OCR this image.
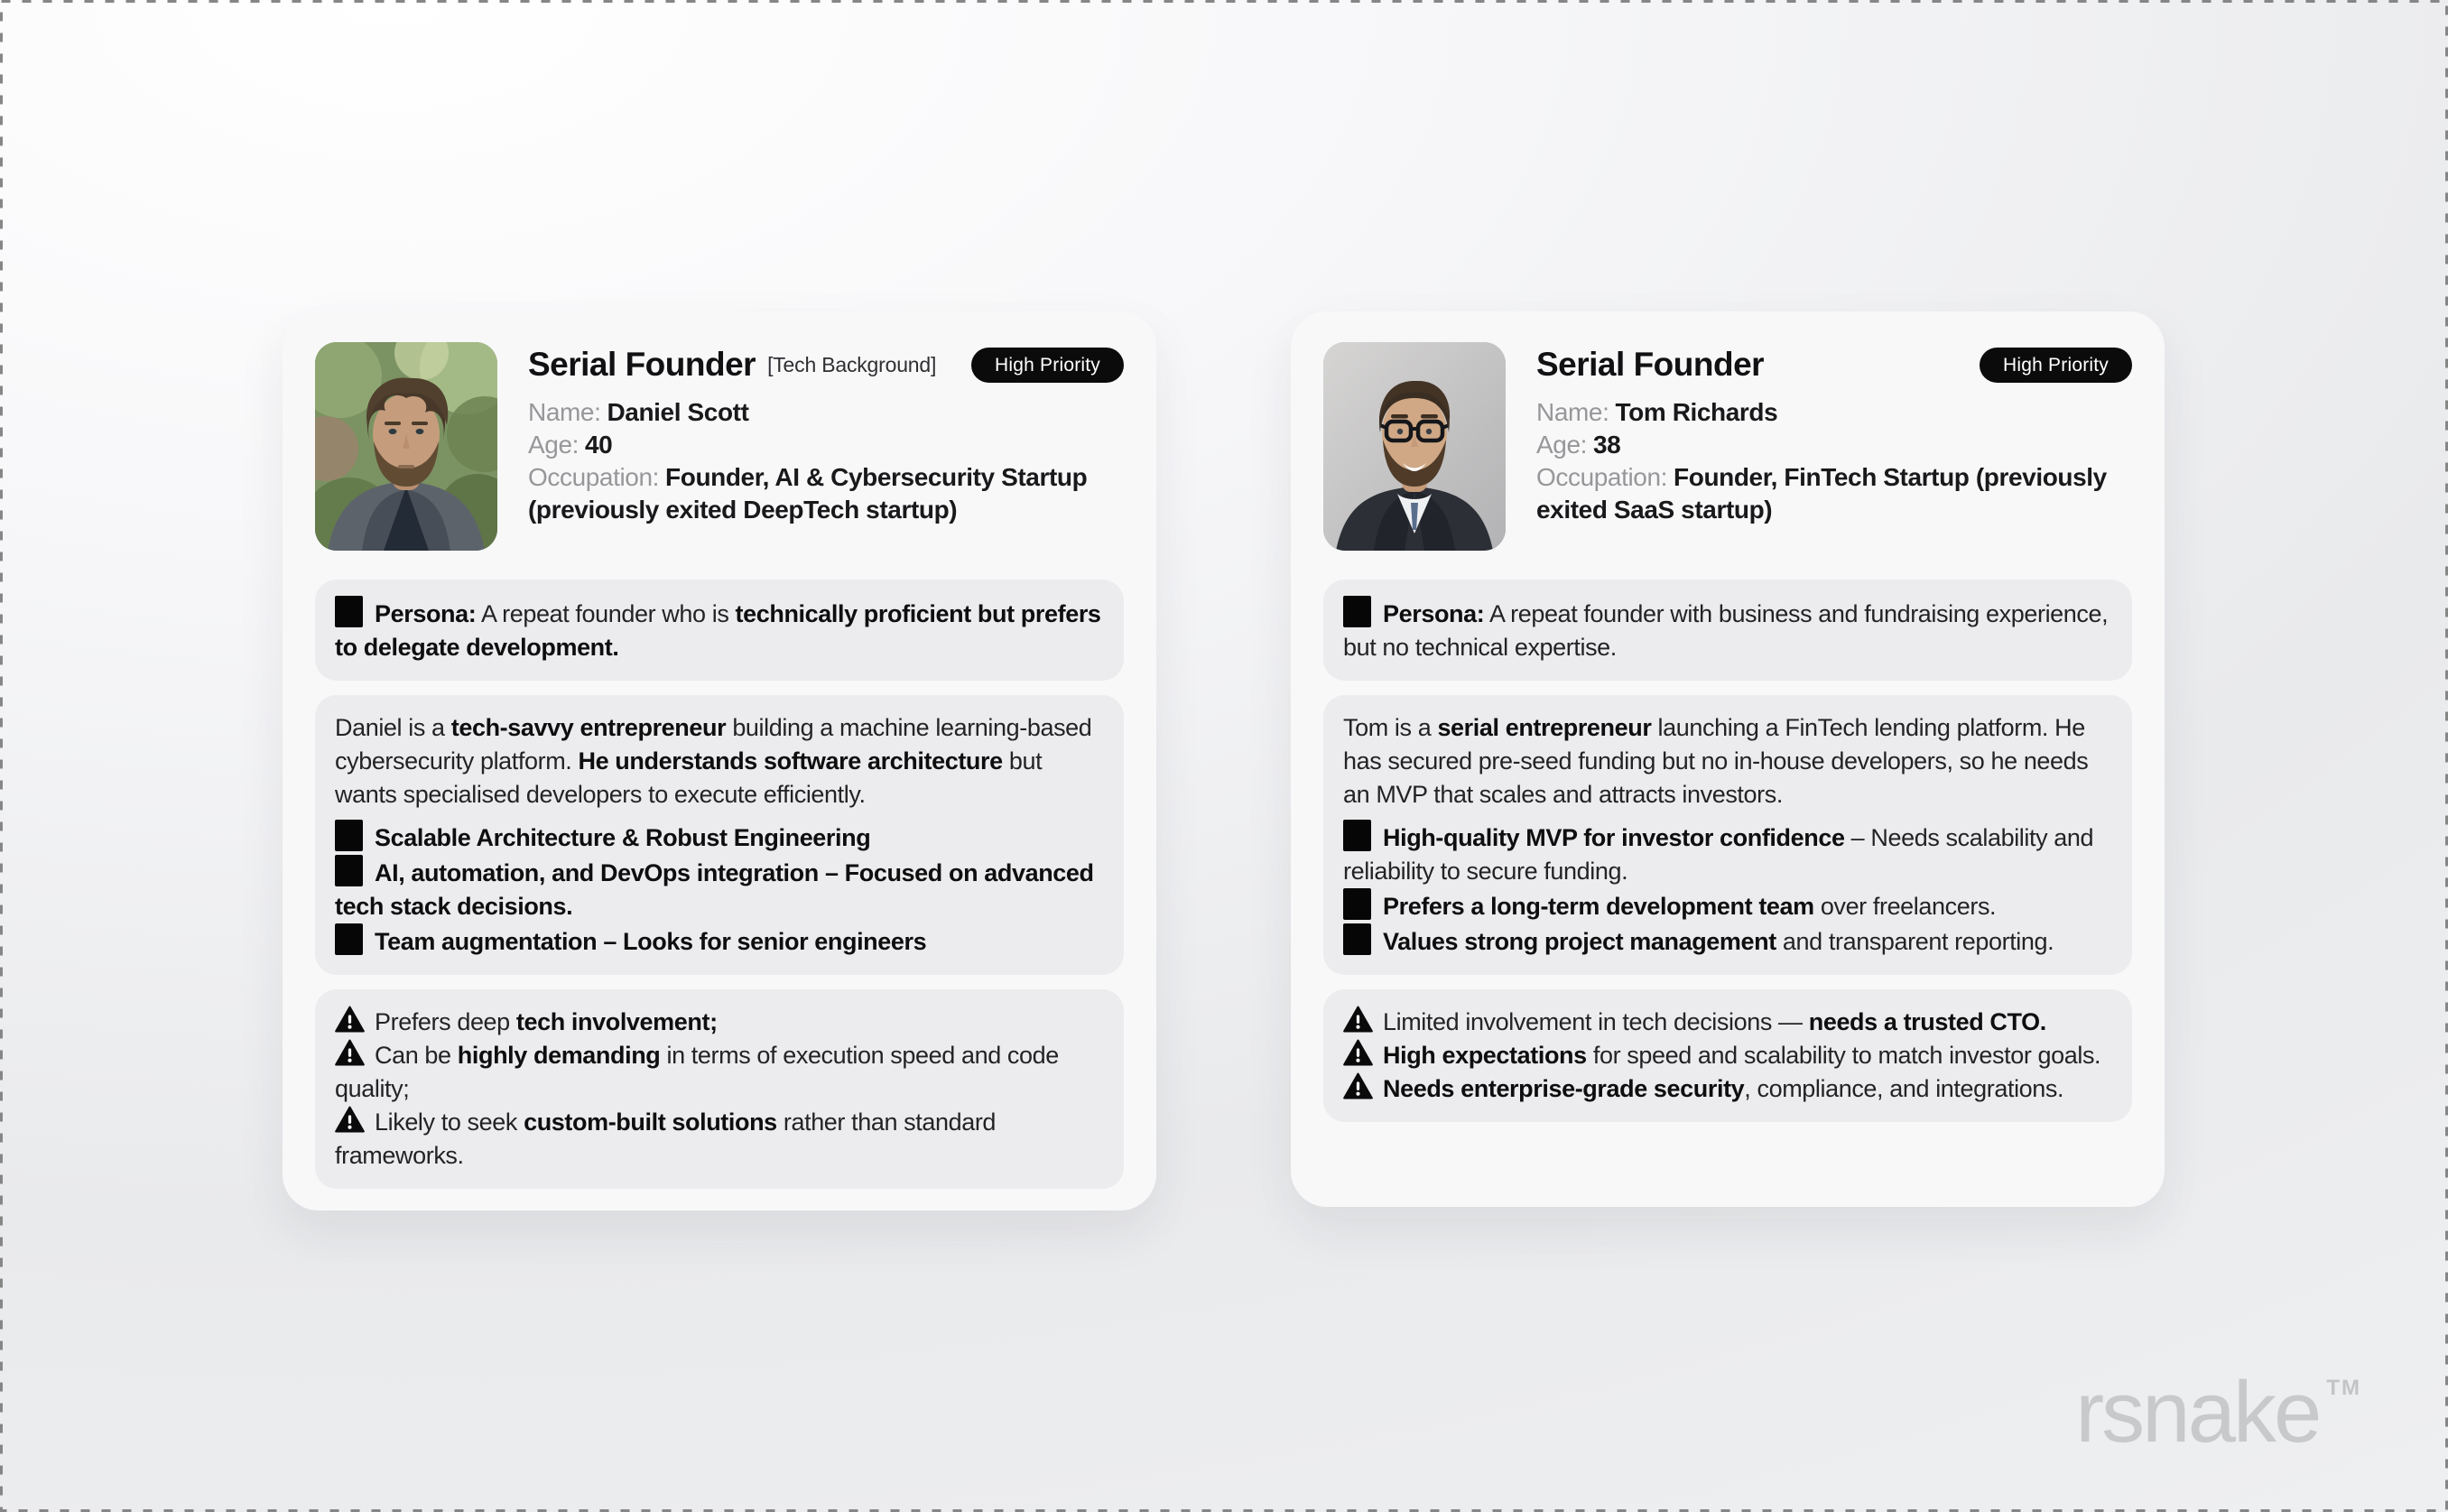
Serial Founder [Tech Background]	High Priority
Name: Daniel Scott
Age: 40
Occupation: Founder, AI & Cybersecurity Startup (previously exited DeepTech startup)
Persona: A repeat founder who is technically proficient but prefers to delegate development.

Daniel is a tech-savvy entrepreneur building a machine learning-based cybersecurity platform. He understands software architecture but wants specialised developers to execute efficiently.

Scalable Architecture & Robust Engineering
AI, automation, and DevOps integration – Focused on advanced tech stack decisions.
Team augmentation – Looks for senior engineers
Prefers deep tech involvement;
Can be highly demanding in terms of execution speed and code quality;
Likely to seek custom-built solutions rather than standard frameworks.
Serial Founder	High Priority
Name: Tom Richards
Age: 38
Occupation: Founder, FinTech Startup (previously exited SaaS startup)
Persona: A repeat founder with business and fundraising experience, but no technical expertise.

Tom is a serial entrepreneur launching a FinTech lending platform. He has secured pre-seed funding but no in-house developers, so he needs an MVP that scales and attracts investors.

High-quality MVP for investor confidence – Needs scalability and reliability to secure funding.
Prefers a long-term development team over freelancers.
Values strong project management and transparent reporting.
Limited involvement in tech decisions — needs a trusted CTO.
High expectations for speed and scalability to match investor goals.
Needs enterprise-grade security, compliance, and integrations.
rsnake ™
